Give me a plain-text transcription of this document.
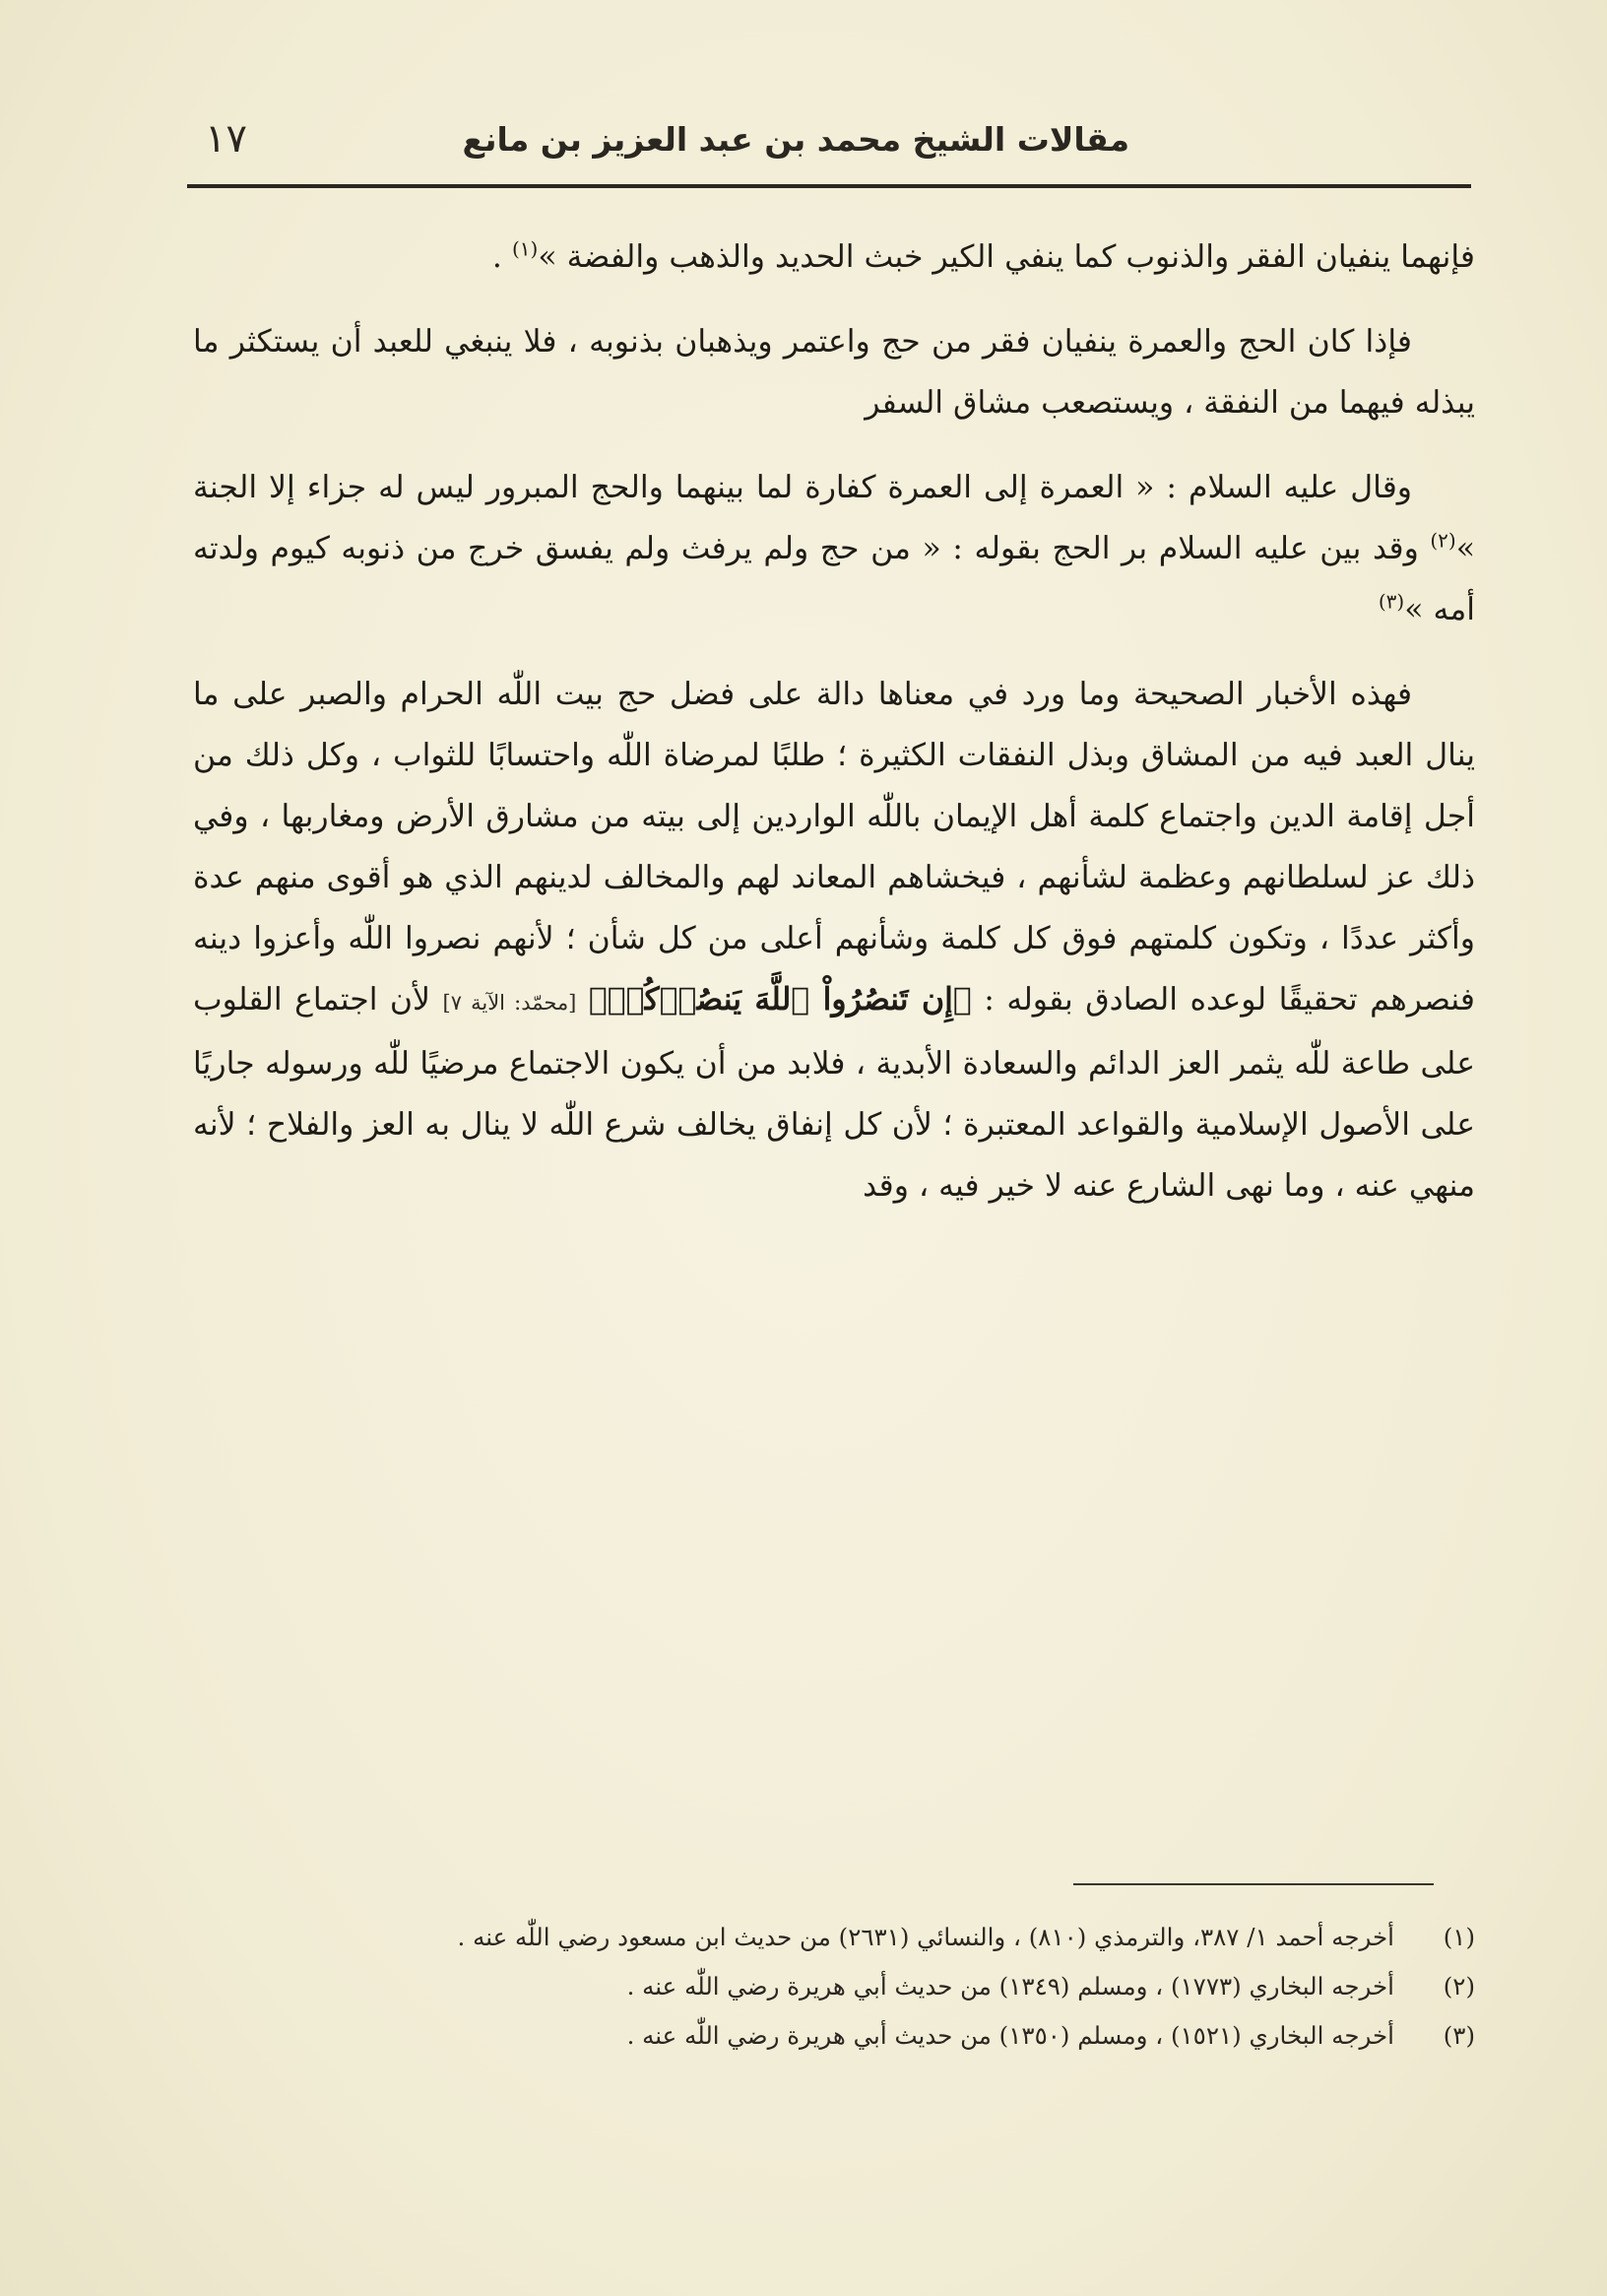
مقالات الشيخ محمد بن عبد العزيز بن مانع
١٧

فإنهما ينفيان الفقر والذنوب كما ينفي الكير خبث الحديد والذهب والفضة »$^{(١)}$ .

فإذا كان الحج والعمرة ينفيان فقر من حج واعتمر ويذهبان بذنوبه ، فلا ينبغي للعبد أن يستكثر ما يبذله فيهما من النفقة ، ويستصعب مشاق السفر

وقال عليه السلام : « العمرة إلى العمرة كفارة لما بينهما والحج المبرور ليس له جزاء إلا الجنة »$^{(٢)}$ وقد بين عليه السلام بر الحج بقوله : « من حج ولم يرفث ولم يفسق خرج من ذنوبه كيوم ولدته أمه »$^{(٣)}$

فهذه الأخبار الصحيحة وما ورد في معناها دالة على فضل حج بيت اللّٰه الحرام والصبر على ما ينال العبد فيه من المشاق وبذل النفقات الكثيرة ؛ طلبًا لمرضاة اللّٰه واحتسابًا للثواب ، وكل ذلك من أجل إقامة الدين واجتماع كلمة أهل الإيمان باللّٰه الواردين إلى بيته من مشارق الأرض ومغاربها ، وفي ذلك عز لسلطانهم وعظمة لشأنهم ، فيخشاهم المعاند لهم والمخالف لدينهم الذي هو أقوى منهم عدة وأكثر عددًا ، وتكون كلمتهم فوق كل كلمة وشأنهم أعلى من كل شأن ؛ لأنهم نصروا اللّٰه وأعزوا دينه فنصرهم تحقيقًا لوعده الصادق بقوله : ﴿إِن تَنصُرُواْ ٱللَّهَ يَنصُرۡكُمۡ﴾ [محمّد: الآية ٧] لأن اجتماع القلوب على طاعة للّٰه يثمر العز الدائم والسعادة الأبدية ، فلابد من أن يكون الاجتماع مرضيًا للّٰه ورسوله جاريًا على الأصول الإسلامية والقواعد المعتبرة ؛ لأن كل إنفاق يخالف شرع اللّٰه لا ينال به العز والفلاح ؛ لأنه منهي عنه ، وما نهى الشارع عنه لا خير فيه ، وقد

(١)
أخرجه أحمد ١/ ٣٨٧، والترمذي (٨١٠) ، والنسائي (٢٦٣١) من حديث ابن مسعود رضي اللّٰه عنه .
(٢)
أخرجه البخاري (١٧٧٣) ، ومسلم (١٣٤٩) من حديث أبي هريرة رضي اللّٰه عنه .
(٣)
أخرجه البخاري (١٥٢١) ، ومسلم (١٣٥٠) من حديث أبي هريرة رضي اللّٰه عنه .
